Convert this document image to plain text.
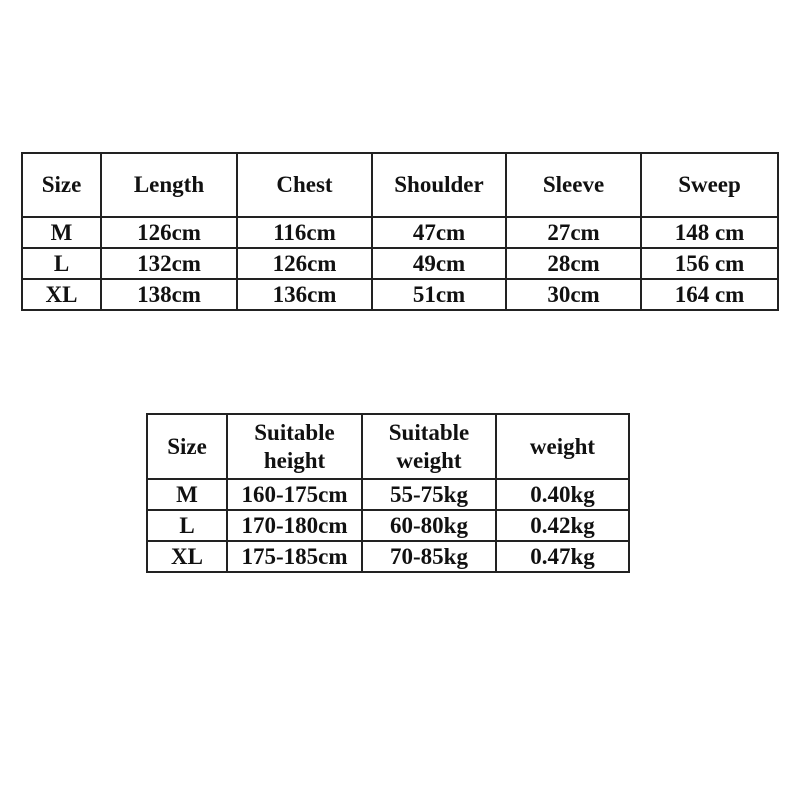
Size	Length	Chest	Shoulder	Sleeve	Sweep
M	126cm	116cm	47cm	27cm	148 cm
L	132cm	126cm	49cm	28cm	156 cm
XL	138cm	136cm	51cm	30cm	164 cm
Size	Suitable height	Suitable weight	weight
M	160-175cm	55-75kg	0.40kg
L	170-180cm	60-80kg	0.42kg
XL	175-185cm	70-85kg	0.47kg
